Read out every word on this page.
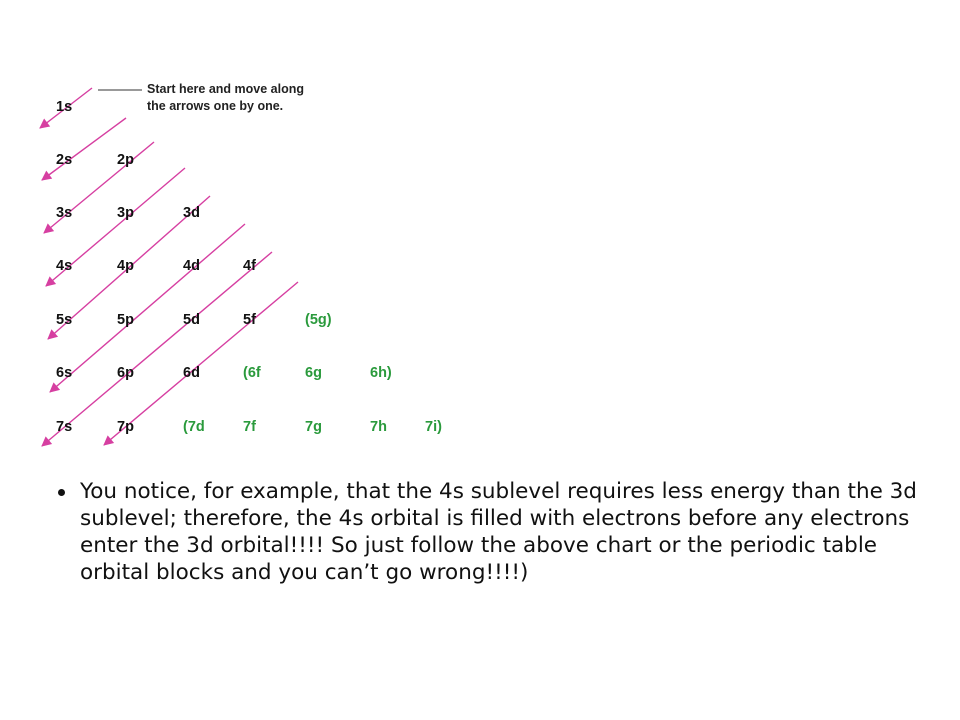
1s
2s	2p
3s	3p	3d
4s	4p	4d	4f
5s	5p	5d	5f	(5g)
6s	6p	6d	(6f	6g	6h)
7s	7p	(7d	7f	7g	7h	7i)
Start here and move along
the arrows one by one.
You notice, for example, that the 4s sublevel requires less energy than the 3d sublevel; therefore, the 4s orbital is filled with electrons before any electrons enter the 3d orbital!!!! So just follow the above chart or the periodic table orbital blocks and you can’t go wrong!!!!)
